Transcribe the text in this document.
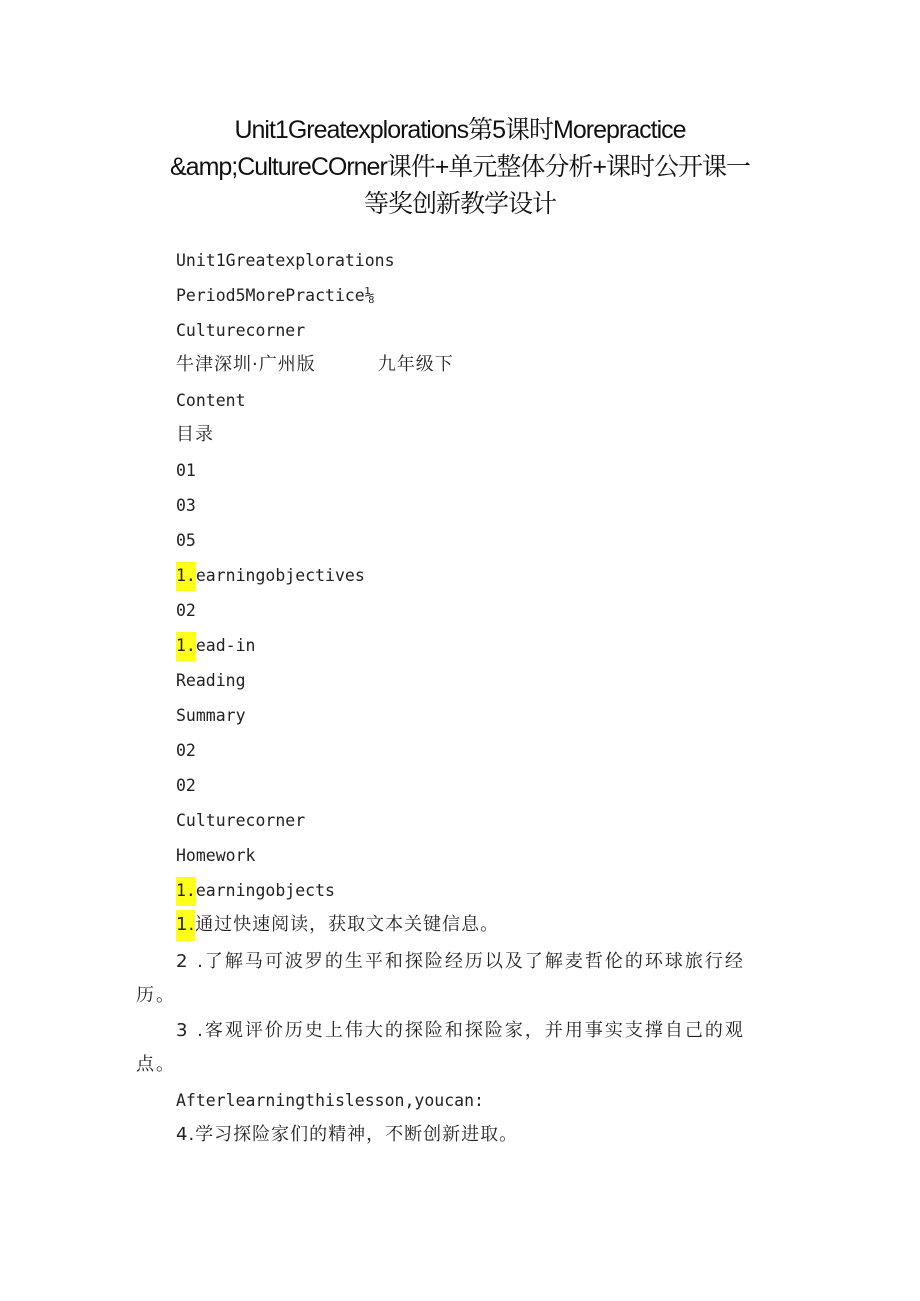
Unit1Greatexplorations第5课时Morepractice
&amp;CultureCOrner课件+单元整体分析+课时公开课一
等奖创新教学设计
Unit1Greatexplorations
Period5MorePractice⅛
Culturecorner
牛津深圳·广州版	九年级下
Content
目录
01
03
05
1.earningobjectives
02
1.ead-in
Reading
Summary
02
02
Culturecorner
Homework
1.earningobjects
1.通过快速阅读，获取文本关键信息。
2 .了解马可波罗的生平和探险经历以及了解麦哲伦的环球旅行经历。
3 .客观评价历史上伟大的探险和探险家，并用事实支撑自己的观点。
Afterlearningthislesson,youcan:
4.学习探险家们的精神，不断创新进取。
